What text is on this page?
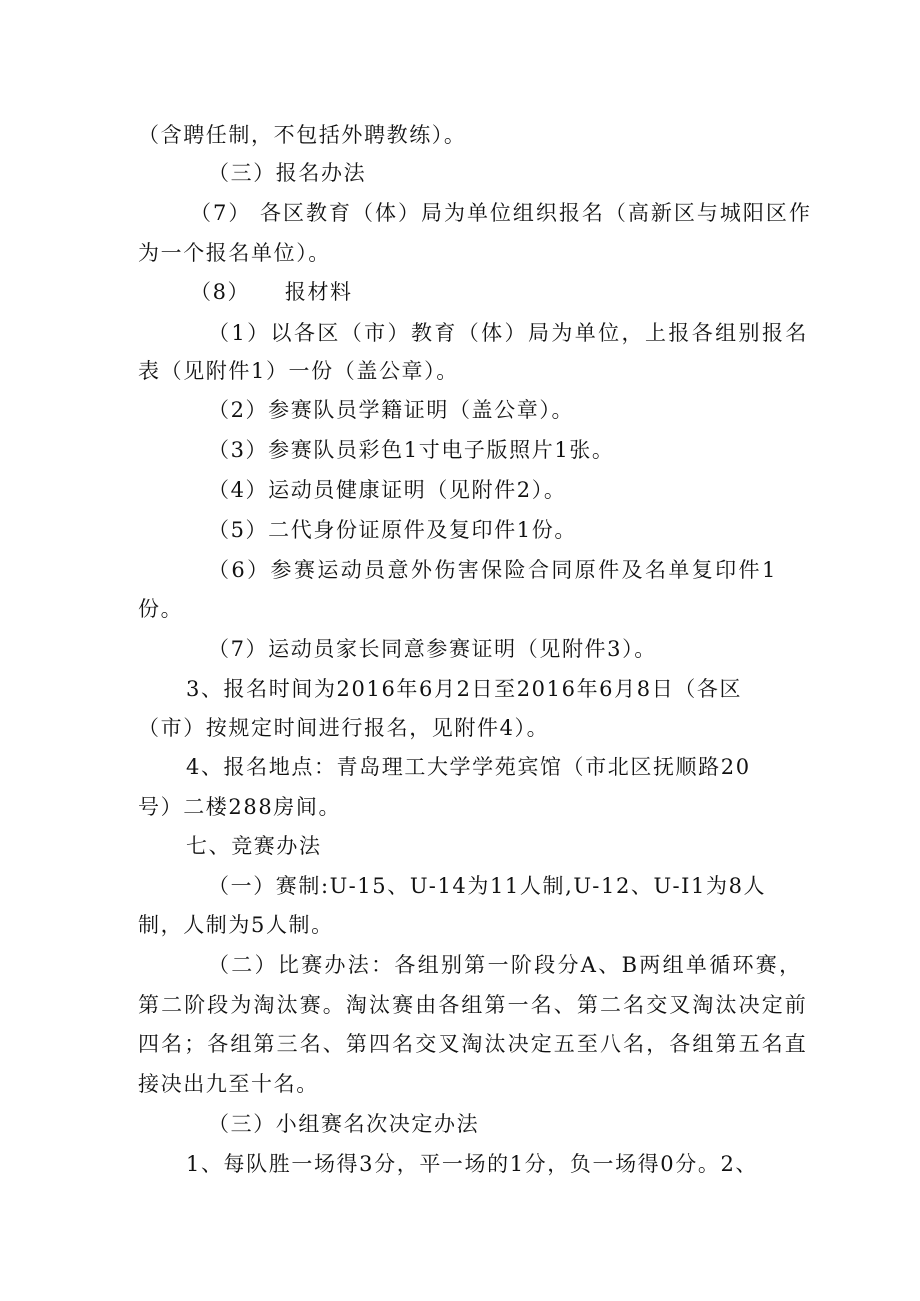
（含聘任制，不包括外聘教练）。
（三）报名办法
（7） 各区教育（体）局为单位组织报名（高新区与城阳区作
为一个报名单位）。
（8）　　报材料
（1）以各区（市）教育（体）局为单位，上报各组别报名
表（见附件1）一份（盖公章）。
（2）参赛队员学籍证明（盖公章）。
（3）参赛队员彩色1寸电子版照片1张。
（4）运动员健康证明（见附件2）。
（5）二代身份证原件及复印件1份。
（6）参赛运动员意外伤害保险合同原件及名单复印件1
份。
（7）运动员家长同意参赛证明（见附件3）。
3、报名时间为2016年6月2日至2016年6月8日（各区
（市）按规定时间进行报名，见附件4）。
4、报名地点：青岛理工大学学苑宾馆（市北区抚顺路20
号）二楼288房间。
七、竞赛办法
（一）赛制:U-15、U-14为11人制,U-12、U-I1为8人
制，人制为5人制。
（二）比赛办法：各组别第一阶段分A、B两组单循环赛，
第二阶段为淘汰赛。淘汰赛由各组第一名、第二名交叉淘汰决定前
四名；各组第三名、第四名交叉淘汰决定五至八名，各组第五名直
接决出九至十名。
（三）小组赛名次决定办法
1、每队胜一场得3分，平一场的1分，负一场得0分。2、
